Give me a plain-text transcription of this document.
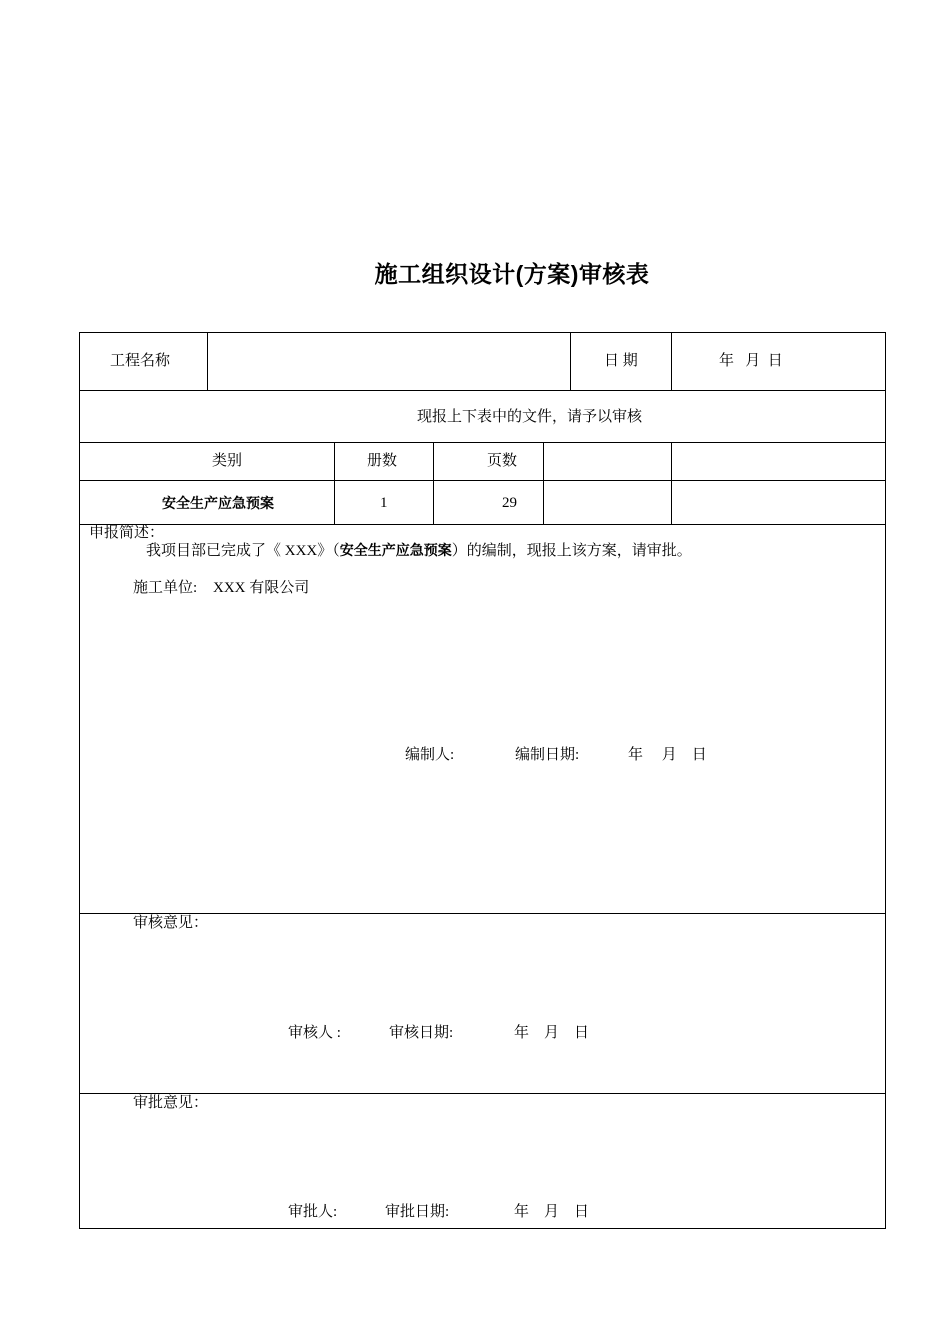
施工组织设计(方案)审核表
工程名称	日 期	年   月  日
现报上下表中的文件，请予以审核
类别	册数	页数
安全生产应急预案	1	29
申报简述：
我项目部已完成了《 XXX》（安全生产应急预案）的编制，现报上该方案，请审批。
施工单位: XXX 有限公司
编制人:	编制日期:	年     月    日
审核意见：
审核人 :	审核日期:	年    月    日
审批意见：
审批人:	审批日期:	年    月    日
